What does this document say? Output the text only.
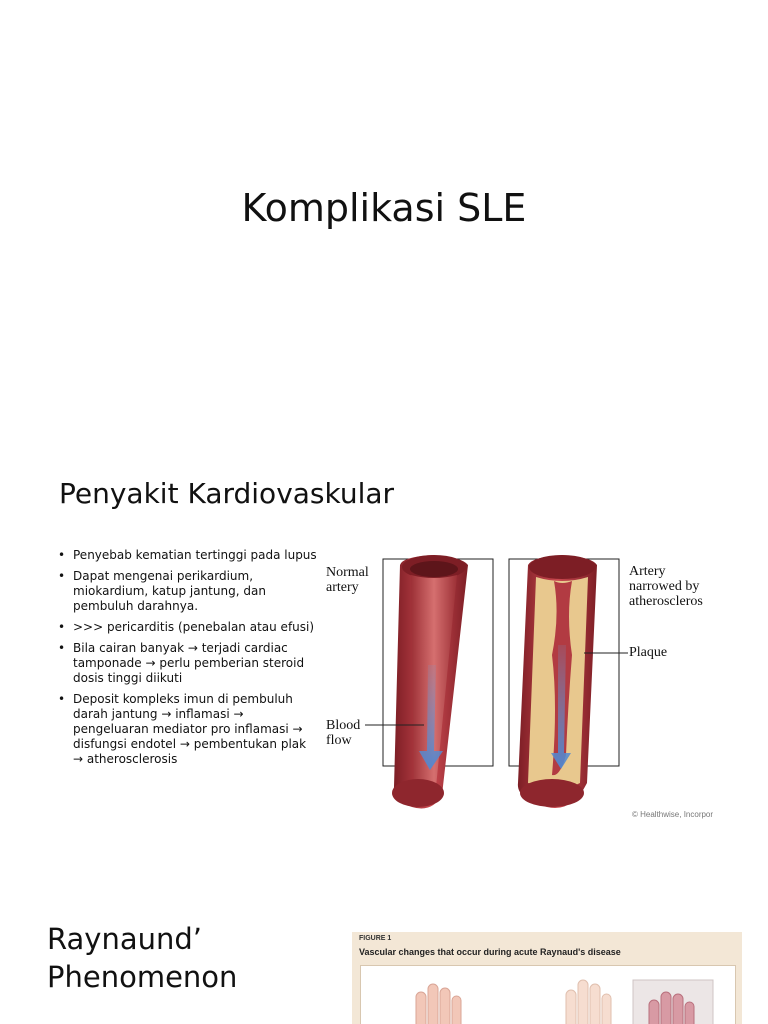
Komplikasi SLE
Penyakit Kardiovaskular
• Penyebab kematian tertinggi pada lupus
• Dapat mengenai perikardium, miokardium, katup jantung, dan pembuluh darahnya.
• >>> pericarditis (penebalan atau efusi)
• Bila cairan banyak → terjadi cardiac tamponade → perlu pemberian steroid dosis tinggi diikuti
• Deposit kompleks imun di pembuluh darah jantung → inflamasi → pengeluaran mediator pro inflamasi → disfungsi endotel → pembentukan plak → atherosclerosis
Normal
artery
Blood
flow
Artery
narrowed by
atheroscleros
Plaque
© Healthwise, Incorpor
Raynaund’
Phenomenon
FIGURE 1
Vascular changes that occur during acute Raynaud's disease
